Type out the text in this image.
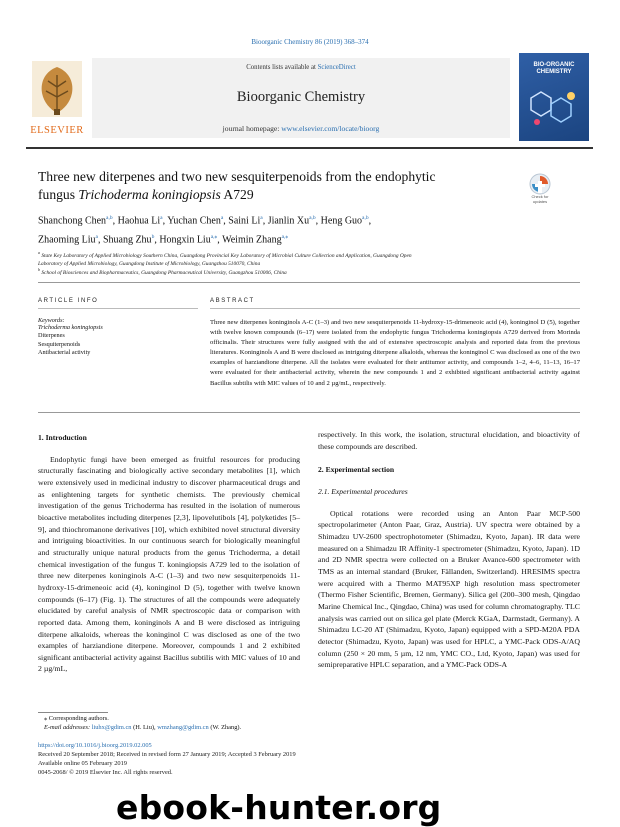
Bioorganic Chemistry 86 (2019) 368–374
ELSEVIER
Contents lists available at ScienceDirect
Bioorganic Chemistry
journal homepage: www.elsevier.com/locate/bioorg
BIO-ORGANIC CHEMISTRY
Three new diterpenes and two new sesquiterpenoids from the endophytic
fungus Trichoderma koningiopsis A729	Check for
updates
Shanchong Chen$^{a,b}$, Haohua Li$^a$, Yuchan Chen$^a$, Saini Li$^a$, Jianlin Xu$^{a,b}$, Heng Guo$^{a,b}$,
Zhaoming Liu$^a$, Shuang Zhu$^b$, Hongxin Liu$^{a,⁎}$, Weimin Zhang$^{a,⁎}$
$^a$ State Key Laboratory of Applied Microbiology Southern China, Guangdong Provincial Key Laboratory of Microbial Culture Collection and Application, Guangdong Open
Laboratory of Applied Microbiology, Guangdong Institute of Microbiology, Guangzhou 510070, China
$^b$ School of Biosciences and Biopharmaceutics, Guangdong Pharmaceutical University, Guangzhou 510006, China
ARTICLE INFO	ABSTRACT
Keywords:
Trichoderma koningiopsis
Diterpenes
Sesquiterpenoids
Antibacterial activity
Three new diterpenes koninginols A-C (1–3) and two new sesquiterpenoids 11-hydroxy-15-drimeneoic acid (4), koninginol D (5), together with twelve known compounds (6–17) were isolated from the endophytic fungus Trichoderma koningiopsis A729 derived from Morinda officinalis. Their structures were fully assigned with the aid of extensive spectroscopic analysis and reported data from the previous literatures. Koninginols A and B were disclosed as intriguing diterpene alkaloids, whereas the koninginol C was disclosed as one of the two examples of harziandione diterpene. All the isolates were evaluated for their antitumor activity, and compounds 1–2, 4–6, 11–13, 16–17 were evaluated for their antibacterial activity, wherein the new compounds 1 and 2 exhibited significant antibacterial activity against Bacillus subtilis with MIC values of 10 and 2 µg/mL, respectively.
1. Introduction

Endophytic fungi have been emerged as fruitful resources for producing structurally fascinating and biologically active secondary metabolites [1], which were extensively used in medicinal industry to discover pharmaceutical drugs and as enlightening targets for synthetic chemists. The previously chemical investigation of the genus Trichoderma has resulted in the isolation of numerous bioactive metabolites including diterpenes [2,3], lipovelutibols [4], polyketides [5–9], and thiochromanone derivatives [10], which exhibited novel structural diversity and intriguing bioactivities. In our continuous search for biologically meaningful and structurally unique natural products from the genus Trichoderma, a detail chemical investigation of the fungus T. koningiopsis A729 led to the isolation of three new diterpenes koninginols A-C (1–3) and two new sesquiterpenoids 11-hydroxy-15-drimeneoic acid (4), koninginol D (5), together with twelve known compounds (6–17) (Fig. 1). The structures of all the compounds were adequately elucidated by careful analysis of NMR spectroscopic data or comparison with reported data. Among them, koninginols A and B were disclosed as intriguing diterpene alkaloids, whereas the koninginol C was disclosed as one of the two examples of harziandione diterpene. Moreover, compounds 1 and 2 exhibited significant antibacterial activity against Bacillus subtilis with MIC values of 10 and 2 µg/mL,

respectively. In this work, the isolation, structural elucidation, and bioactivity of these compounds are described.
2. Experimental section
2.1. Experimental procedures

Optical rotations were recorded using an Anton Paar MCP-500 spectropolarimeter (Anton Paar, Graz, Austria). UV spectra were obtained by a Shimadzu UV-2600 spectrophotometer (Shimadzu, Kyoto, Japan). IR data were measured on a Shimadzu IR Affinity-1 spectrometer (Shimadzu, Kyoto, Japan). 1D and 2D NMR spectra were collected on a Bruker Avance-600 spectrometer with TMS as an internal standard (Bruker, Fällanden, Switzerland). HRESIMS spectra were acquired with a Thermo MAT95XP high resolution mass spectrometer (Thermo Fisher Scientific, Bremen, Germany). Silica gel (200–300 mesh, Qingdao Marine Chemical Inc., Qingdao, China) was used for column chromatography. TLC analysis was carried out on silica gel plate (Merck KGaA, Darmstadt, Germany). A Shimadzu LC-20 AT (Shimadzu, Kyoto, Japan) equipped with a SPD-M20A PDA detector (Shimadzu, Kyoto, Japan) was used for HPLC, a YMC-Pack ODS-A/AQ column (250 × 20 mm, 5 µm, 12 nm, YMC CO., Ltd, Kyoto, Japan) was used for semipreparative HPLC separation, and a YMC-Pack ODS-A

⁎ Corresponding authors.
E-mail addresses: liuhx@gdim.cn (H. Liu), wmzhang@gdim.cn (W. Zhang).
https://doi.org/10.1016/j.bioorg.2019.02.005
Received 20 September 2018; Received in revised form 27 January 2019; Accepted 3 February 2019
Available online 05 February 2019
0045-2068/ © 2019 Elsevier Inc. All rights reserved.
ebook-hunter.org
